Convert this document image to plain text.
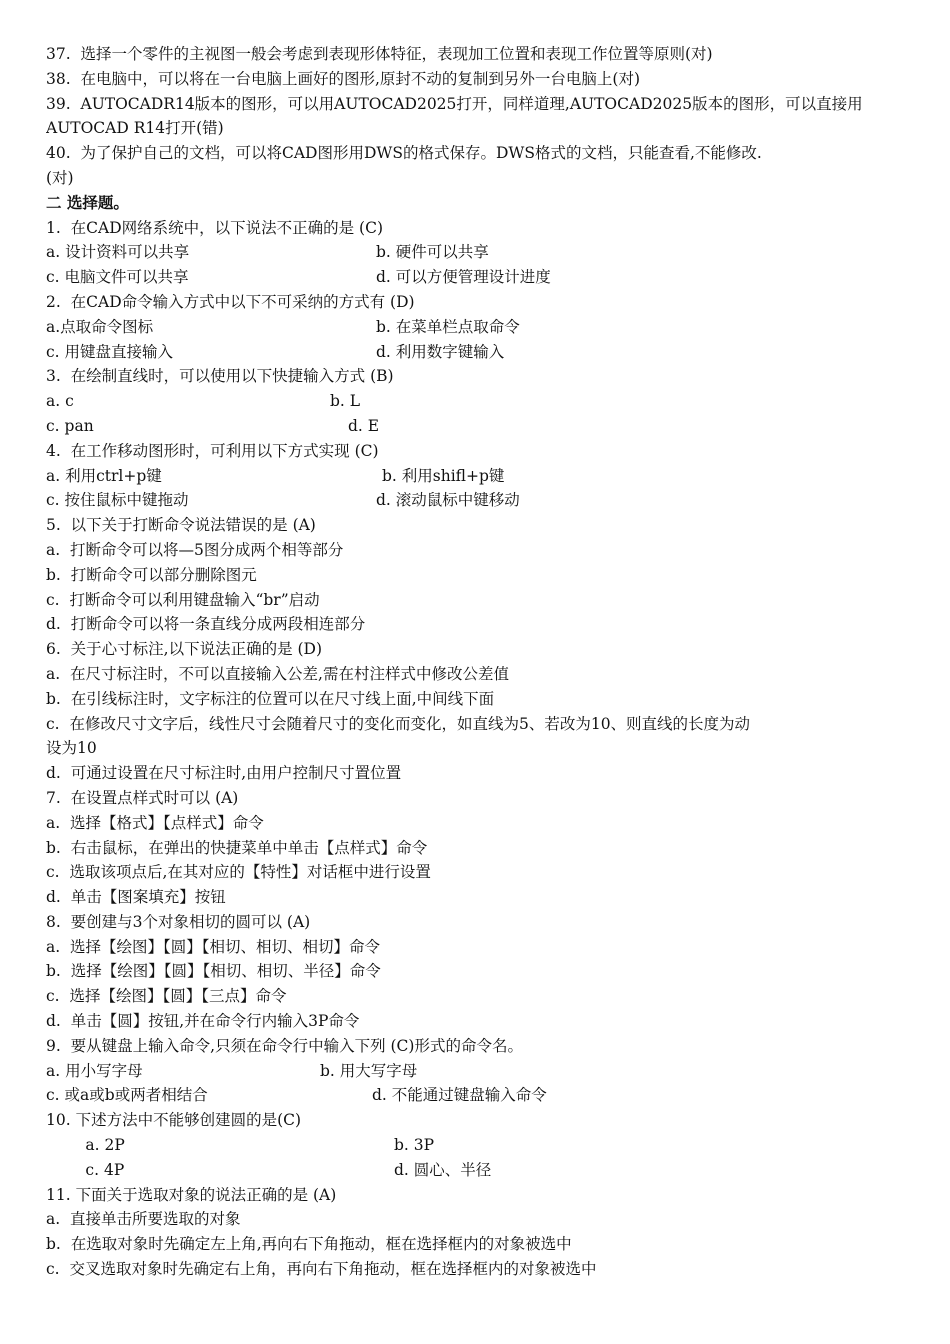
37.  选择一个零件的主视图一般会考虑到表现形体特征，表现加工位置和表现工作位置等原则(对)
38.  在电脑中，可以将在一台电脑上画好的图形,原封不动的复制到另外一台电脑上(对)
39.  AUTOCADR14版本的图形，可以用AUTOCAD2025打开，同样道理,AUTOCAD2025版本的图形，可以直接用
AUTOCAD R14打开(错)
40.  为了保护自己的文档，可以将CAD图形用DWS的格式保存。DWS格式的文档，只能查看,不能修改.
(对)
二 选择题。
1.  在CAD网络系统中，以下说法不正确的是 (C)
a. 设计资料可以共享	b. 硬件可以共享
c. 电脑文件可以共享	d. 可以方便管理设计进度
2.  在CAD命令输入方式中以下不可采纳的方式有 (D)
a.点取命令图标	b. 在菜单栏点取命令
c. 用键盘直接输入	d. 利用数字键输入
3.  在绘制直线时，可以使用以下快捷输入方式 (B)
a. c	b. L
c. pan	d. E
4.  在工作移动图形时，可利用以下方式实现 (C)
a. 利用ctrl+p键	b. 利用shifl+p键
c. 按住鼠标中键拖动	d. 滚动鼠标中键移动
5.  以下关于打断命令说法错误的是 (A)
a.  打断命令可以将—5图分成两个相等部分
b.  打断命令可以部分删除图元
c.  打断命令可以利用键盘输入“br”启动
d.  打断命令可以将一条直线分成两段相连部分
6.  关于心寸标注,以下说法正确的是 (D)
a.  在尺寸标注时，不可以直接输入公差,需在村注样式中修改公差值
b.  在引线标注时，文字标注的位置可以在尺寸线上面,中间线下面
c.  在修改尺寸文字后，线性尺寸会随着尺寸的变化而变化，如直线为5、若改为10、则直线的长度为动
设为10
d.  可通过设置在尺寸标注时,由用户控制尺寸置位置
7.  在设置点样式时可以 (A)
a.  选择【格式】【点样式】命令
b.  右击鼠标，在弹出的快捷菜单中单击【点样式】命令
c.  选取该项点后,在其对应的【特性】对话框中进行设置
d.  单击【图案填充】按钮
8.  要创建与3个对象相切的圆可以 (A)
a.  选择【绘图】【圆】【相切、相切、相切】命令
b.  选择【绘图】【圆】【相切、相切、半径】命令
c.  选择【绘图】【圆】【三点】命令
d.  单击【圆】按钮,并在命令行内输入3P命令
9.  要从键盘上输入命令,只须在命令行中输入下列 (C)形式的命令名。
a. 用小写字母	b. 用大写字母
c. 或a或b或两者相结合	d. 不能通过键盘输入命令
10. 下述方法中不能够创建圆的是(C)
a. 2P	b. 3P
c. 4P	d. 圆心、半径
11. 下面关于选取对象的说法正确的是 (A)
a.  直接单击所要选取的对象
b.  在选取对象时先确定左上角,再向右下角拖动，框在选择框内的对象被选中
c.  交叉选取对象时先确定右上角，再向右下角拖动，框在选择框内的对象被选中
